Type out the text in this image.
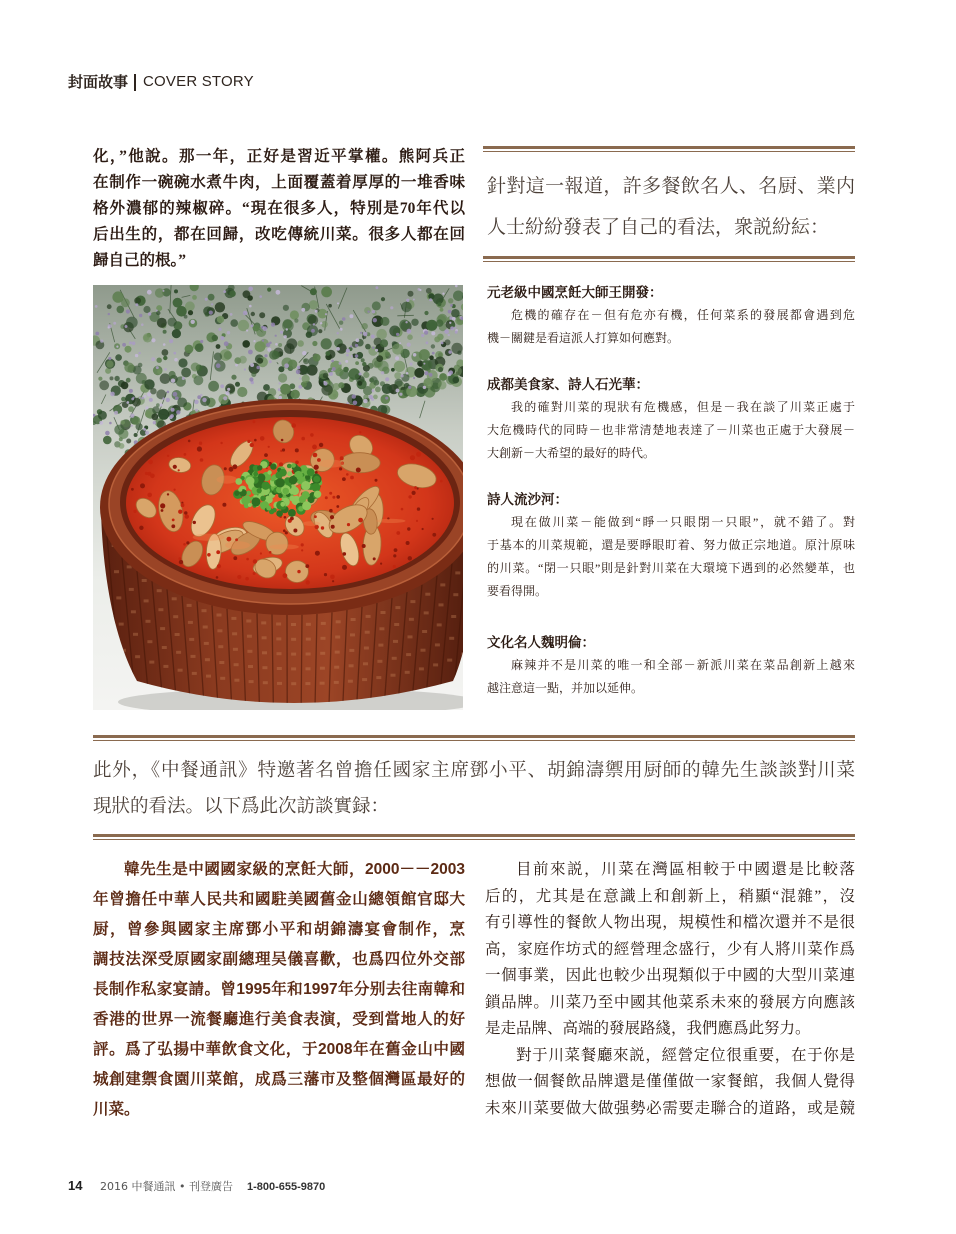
封面故事 COVER STORY
化，”他說。那一年，正好是習近平掌權。熊阿兵正
在制作一碗碗水煮牛肉，上面覆蓋着厚厚的一堆香味
格外濃郁的辣椒碎。“現在很多人，特別是70年代以
后出生的，都在回歸，改吃傳統川菜。很多人都在回
歸自己的根。”
針對這一報道，許多餐飲名人、名厨、業内
人士紛紛發表了自己的看法，衆説紛紜：
元老級中國烹飪大師王開發：
危機的確存在－但有危亦有機，任何菜系的發展都會遇到危
機－關鍵是看這派人打算如何應對。
成都美食家、詩人石光華：
我的確對川菜的現狀有危機感，但是－我在談了川菜正處于
大危機時代的同時－也非常清楚地表達了－川菜也正處于大發展－
大創新－大希望的最好的時代。
詩人流沙河：
現在做川菜－能做到“睜一只眼閉一只眼”，就不錯了。對
于基本的川菜規範，還是要睜眼盯着、努力做正宗地道。原汁原味
的川菜。“閉一只眼”則是針對川菜在大環境下遇到的必然變革，也
要看得開。
文化名人魏明倫：
麻辣并不是川菜的唯一和全部－新派川菜在菜品創新上越來
越注意這一點，并加以延伸。
此外，《中餐通訊》特邀著名曾擔任國家主席鄧小平、胡錦濤禦用厨師的韓先生談談對川菜
現狀的看法。以下爲此次訪談實録：
韓先生是中國國家級的烹飪大師，2000－－2003
年曾擔任中華人民共和國駐美國舊金山總領館官邸大
厨，曾參與國家主席鄧小平和胡錦濤宴會制作，烹
調技法深受原國家副總理吴儀喜歡，也爲四位外交部
長制作私家宴請。曾1995年和1997年分别去往南韓和
香港的世界一流餐廳進行美食表演，受到當地人的好
評。爲了弘揚中華飲食文化，于2008年在舊金山中國
城創建禦食園川菜館，成爲三藩市及整個灣區最好的
川菜。
目前來説，川菜在灣區相較于中國還是比較落
后的，尤其是在意識上和創新上，稍顯“混雜”，沒
有引導性的餐飲人物出現，規模性和檔次還并不是很
高，家庭作坊式的經營理念盛行，少有人將川菜作爲
一個事業，因此也較少出現類似于中國的大型川菜連
鎖品牌。川菜乃至中國其他菜系未來的發展方向應該
是走品牌、高端的發展路綫，我們應爲此努力。
對于川菜餐廳來説，經營定位很重要，在于你是
想做一個餐飲品牌還是僅僅做一家餐館，我個人覺得
未來川菜要做大做强勢必需要走聯合的道路，或是競
14	2016 中餐通訊 • 刊登廣告 1-800-655-9870
